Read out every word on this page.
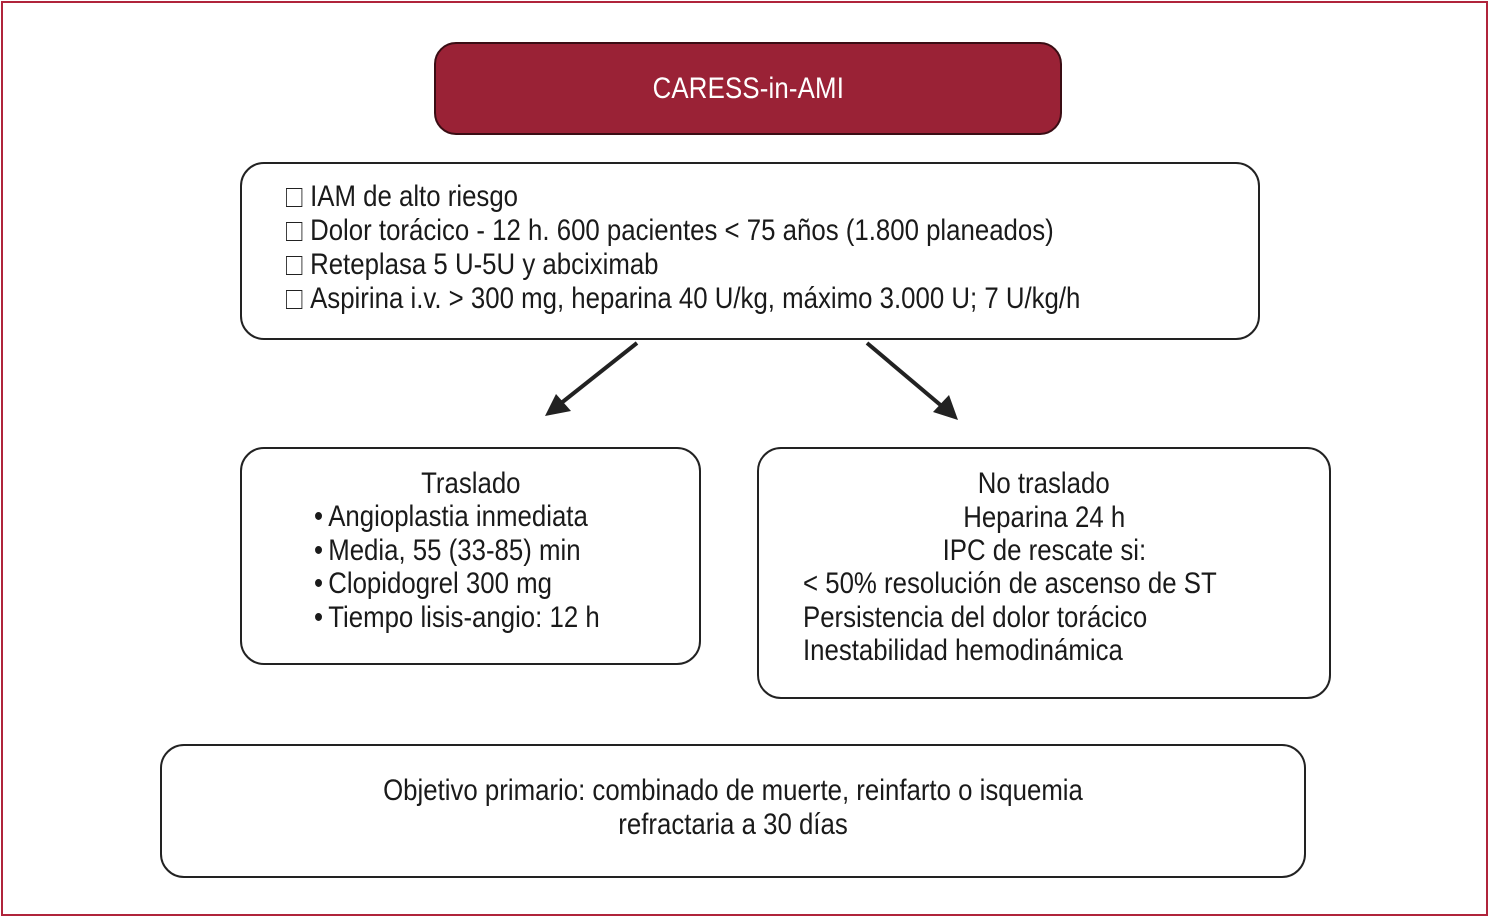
CARESS-in-AMI
IAM de alto riesgo
Dolor torácico - 12 h. 600 pacientes < 75 años (1.800 planeados)
Reteplasa 5 U-5U y abciximab
Aspirina i.v. > 300 mg, heparina 40 U/kg, máximo 3.000 U; 7 U/kg/h
Traslado
• Angioplastia inmediata
• Media, 55 (33-85) min
• Clopidogrel 300 mg
• Tiempo lisis-angio: 12 h
No traslado
Heparina 24 h
IPC de rescate si:
< 50% resolución de ascenso de ST
Persistencia del dolor torácico
Inestabilidad hemodinámica
Objetivo primario: combinado de muerte, reinfarto o isquemia
refractaria a 30 días
